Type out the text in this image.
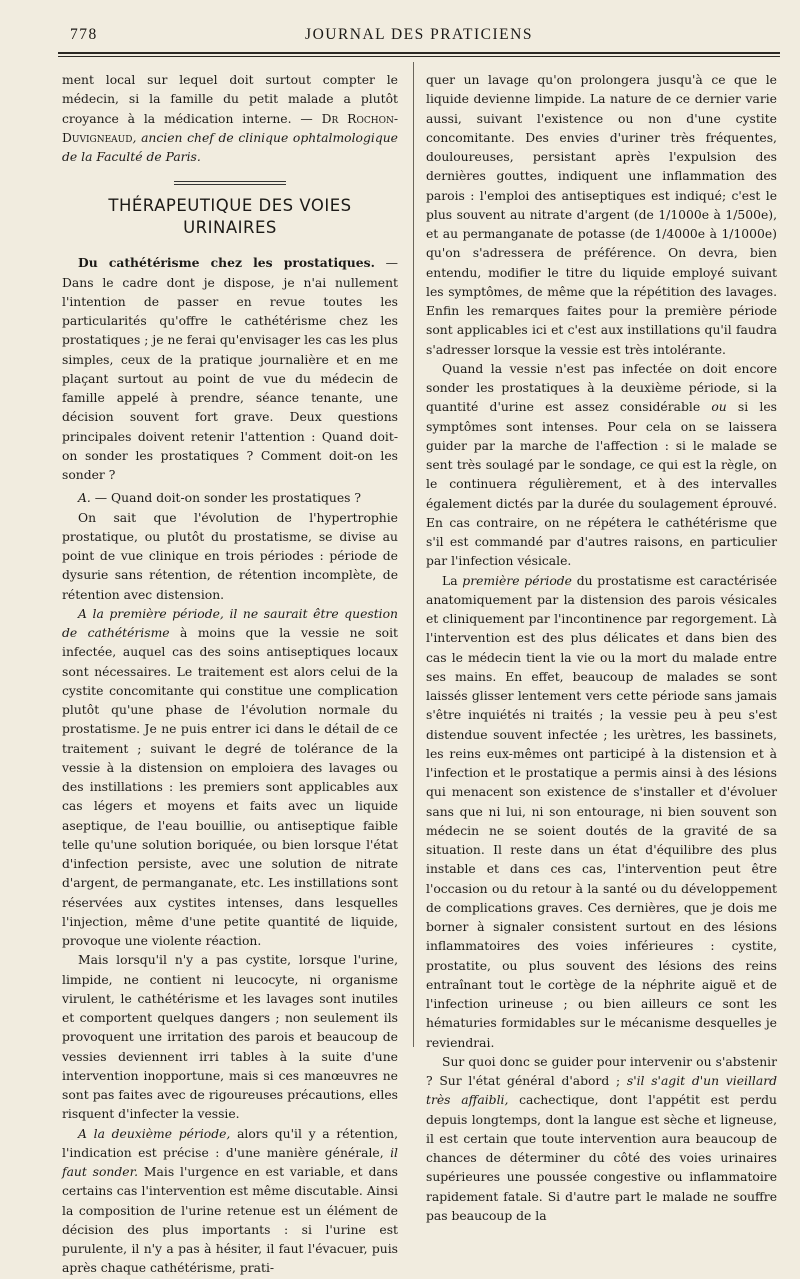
778	JOURNAL DES PRATICIENS

ment local sur lequel doit surtout compter le médecin, si la famille du petit malade a plutôt croyance à la médication interne. — Dr Rochon-Duvigneaud, ancien chef de clinique ophtalmologique de la Faculté de Paris.

THÉRAPEUTIQUE DES VOIES URINAIRES

Du cathétérisme chez les prostatiques. — Dans le cadre dont je dispose, je n'ai nullement l'intention de passer en revue toutes les particularités qu'offre le cathétérisme chez les prostatiques ; je ne ferai qu'envisager les cas les plus simples, ceux de la pratique journalière et en me plaçant surtout au point de vue du médecin de famille appelé à prendre, séance tenante, une décision souvent fort grave. Deux questions principales doivent retenir l'attention : Quand doit-on sonder les prostatiques ? Comment doit-on les sonder ?

A. — Quand doit-on sonder les prostatiques ?

On sait que l'évolution de l'hypertrophie prostatique, ou plutôt du prostatisme, se divise au point de vue clinique en trois périodes : période de dysurie sans rétention, de rétention incomplète, de rétention avec distension.

A la première période, il ne saurait être question de cathétérisme à moins que la vessie ne soit infectée, auquel cas des soins antiseptiques locaux sont nécessaires. Le traitement est alors celui de la cystite concomitante qui constitue une complication plutôt qu'une phase de l'évolution normale du prostatisme. Je ne puis entrer ici dans le détail de ce traitement ; suivant le degré de tolérance de la vessie à la distension on emploiera des lavages ou des instillations : les premiers sont applicables aux cas légers et moyens et faits avec un liquide aseptique, de l'eau bouillie, ou antiseptique faible telle qu'une solution boriquée, ou bien lorsque l'état d'infection persiste, avec une solution de nitrate d'argent, de permanganate, etc. Les instillations sont réservées aux cystites intenses, dans lesquelles l'injection, même d'une petite quantité de liquide, provoque une violente réaction.

Mais lorsqu'il n'y a pas cystite, lorsque l'urine, limpide, ne contient ni leucocyte, ni organisme virulent, le cathétérisme et les lavages sont inutiles et comportent quelques dangers ; non seulement ils provoquent une irritation des parois et beaucoup de vessies deviennent irri tables à la suite d'une intervention inopportune, mais si ces manœuvres ne sont pas faites avec de rigoureuses précautions, elles risquent d'infecter la vessie.

A la deuxième période, alors qu'il y a rétention, l'indication est précise : d'une manière générale, il faut sonder. Mais l'urgence en est variable, et dans certains cas l'intervention est même discutable. Ainsi la composition de l'urine retenue est un élément de décision des plus importants : si l'urine est purulente, il n'y a pas à hésiter, il faut l'évacuer, puis après chaque cathétérisme, prati-

quer un lavage qu'on prolongera jusqu'à ce que le liquide devienne limpide. La nature de ce dernier varie aussi, suivant l'existence ou non d'une cystite concomitante. Des envies d'uriner très fréquentes, douloureuses, persistant après l'expulsion des dernières gouttes, indiquent une inflammation des parois : l'emploi des antiseptiques est indiqué; c'est le plus souvent au nitrate d'argent (de 1/1000e à 1/500e), et au permanganate de potasse (de 1/4000e à 1/1000e) qu'on s'adressera de préférence. On devra, bien entendu, modifier le titre du liquide employé suivant les symptômes, de même que la répétition des lavages. Enfin les remarques faites pour la première période sont applicables ici et c'est aux instillations qu'il faudra s'adresser lorsque la vessie est très intolérante.

Quand la vessie n'est pas infectée on doit encore sonder les prostatiques à la deuxième période, si la quantité d'urine est assez considérable ou si les symptômes sont intenses. Pour cela on se laissera guider par la marche de l'affection : si le malade se sent très soulagé par le sondage, ce qui est la règle, on le continuera régulièrement, et à des intervalles également dictés par la durée du soulagement éprouvé. En cas contraire, on ne répétera le cathétérisme que s'il est commandé par d'autres raisons, en particulier par l'infection vésicale.

La première période du prostatisme est caractérisée anatomiquement par la distension des parois vésicales et cliniquement par l'incontinence par regorgement. Là l'intervention est des plus délicates et dans bien des cas le médecin tient la vie ou la mort du malade entre ses mains. En effet, beaucoup de malades se sont laissés glisser lentement vers cette période sans jamais s'être inquiétés ni traités ; la vessie peu à peu s'est distendue souvent infectée ; les urètres, les bassinets, les reins eux-mêmes ont participé à la distension et à l'infection et le prostatique a permis ainsi à des lésions qui menacent son existence de s'installer et d'évoluer sans que ni lui, ni son entourage, ni bien souvent son médecin ne se soient doutés de la gravité de sa situation. Il reste dans un état d'équilibre des plus instable et dans ces cas, l'intervention peut être l'occasion ou du retour à la santé ou du développement de complications graves. Ces dernières, que je dois me borner à signaler consistent surtout en des lésions inflammatoires des voies inférieures : cystite, prostatite, ou plus souvent des lésions des reins entraînant tout le cortège de la néphrite aiguë et de l'infection urineuse ; ou bien ailleurs ce sont les hématuries formidables sur le mécanisme desquelles je reviendrai.

Sur quoi donc se guider pour intervenir ou s'abstenir ? Sur l'état général d'abord ; s'il s'agit d'un vieillard très affaibli, cachectique, dont l'appétit est perdu depuis longtemps, dont la langue est sèche et ligneuse, il est certain que toute intervention aura beaucoup de chances de déterminer du côté des voies urinaires supérieures une poussée congestive ou inflammatoire rapidement fatale. Si d'autre part le malade ne souffre pas beaucoup de la
